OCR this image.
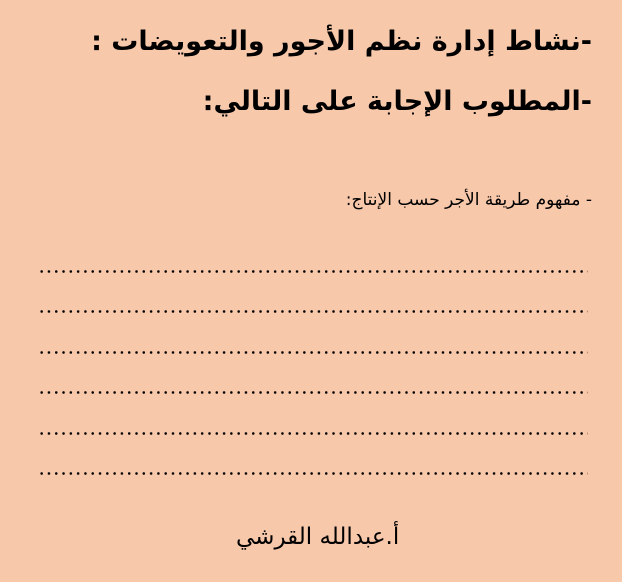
-نشاط إدارة نظم الأجور والتعويضات :
-المطلوب الإجابة على التالي:
- مفهوم طريقة الأجر حسب الإنتاج:
أ.عبدالله القرشي
